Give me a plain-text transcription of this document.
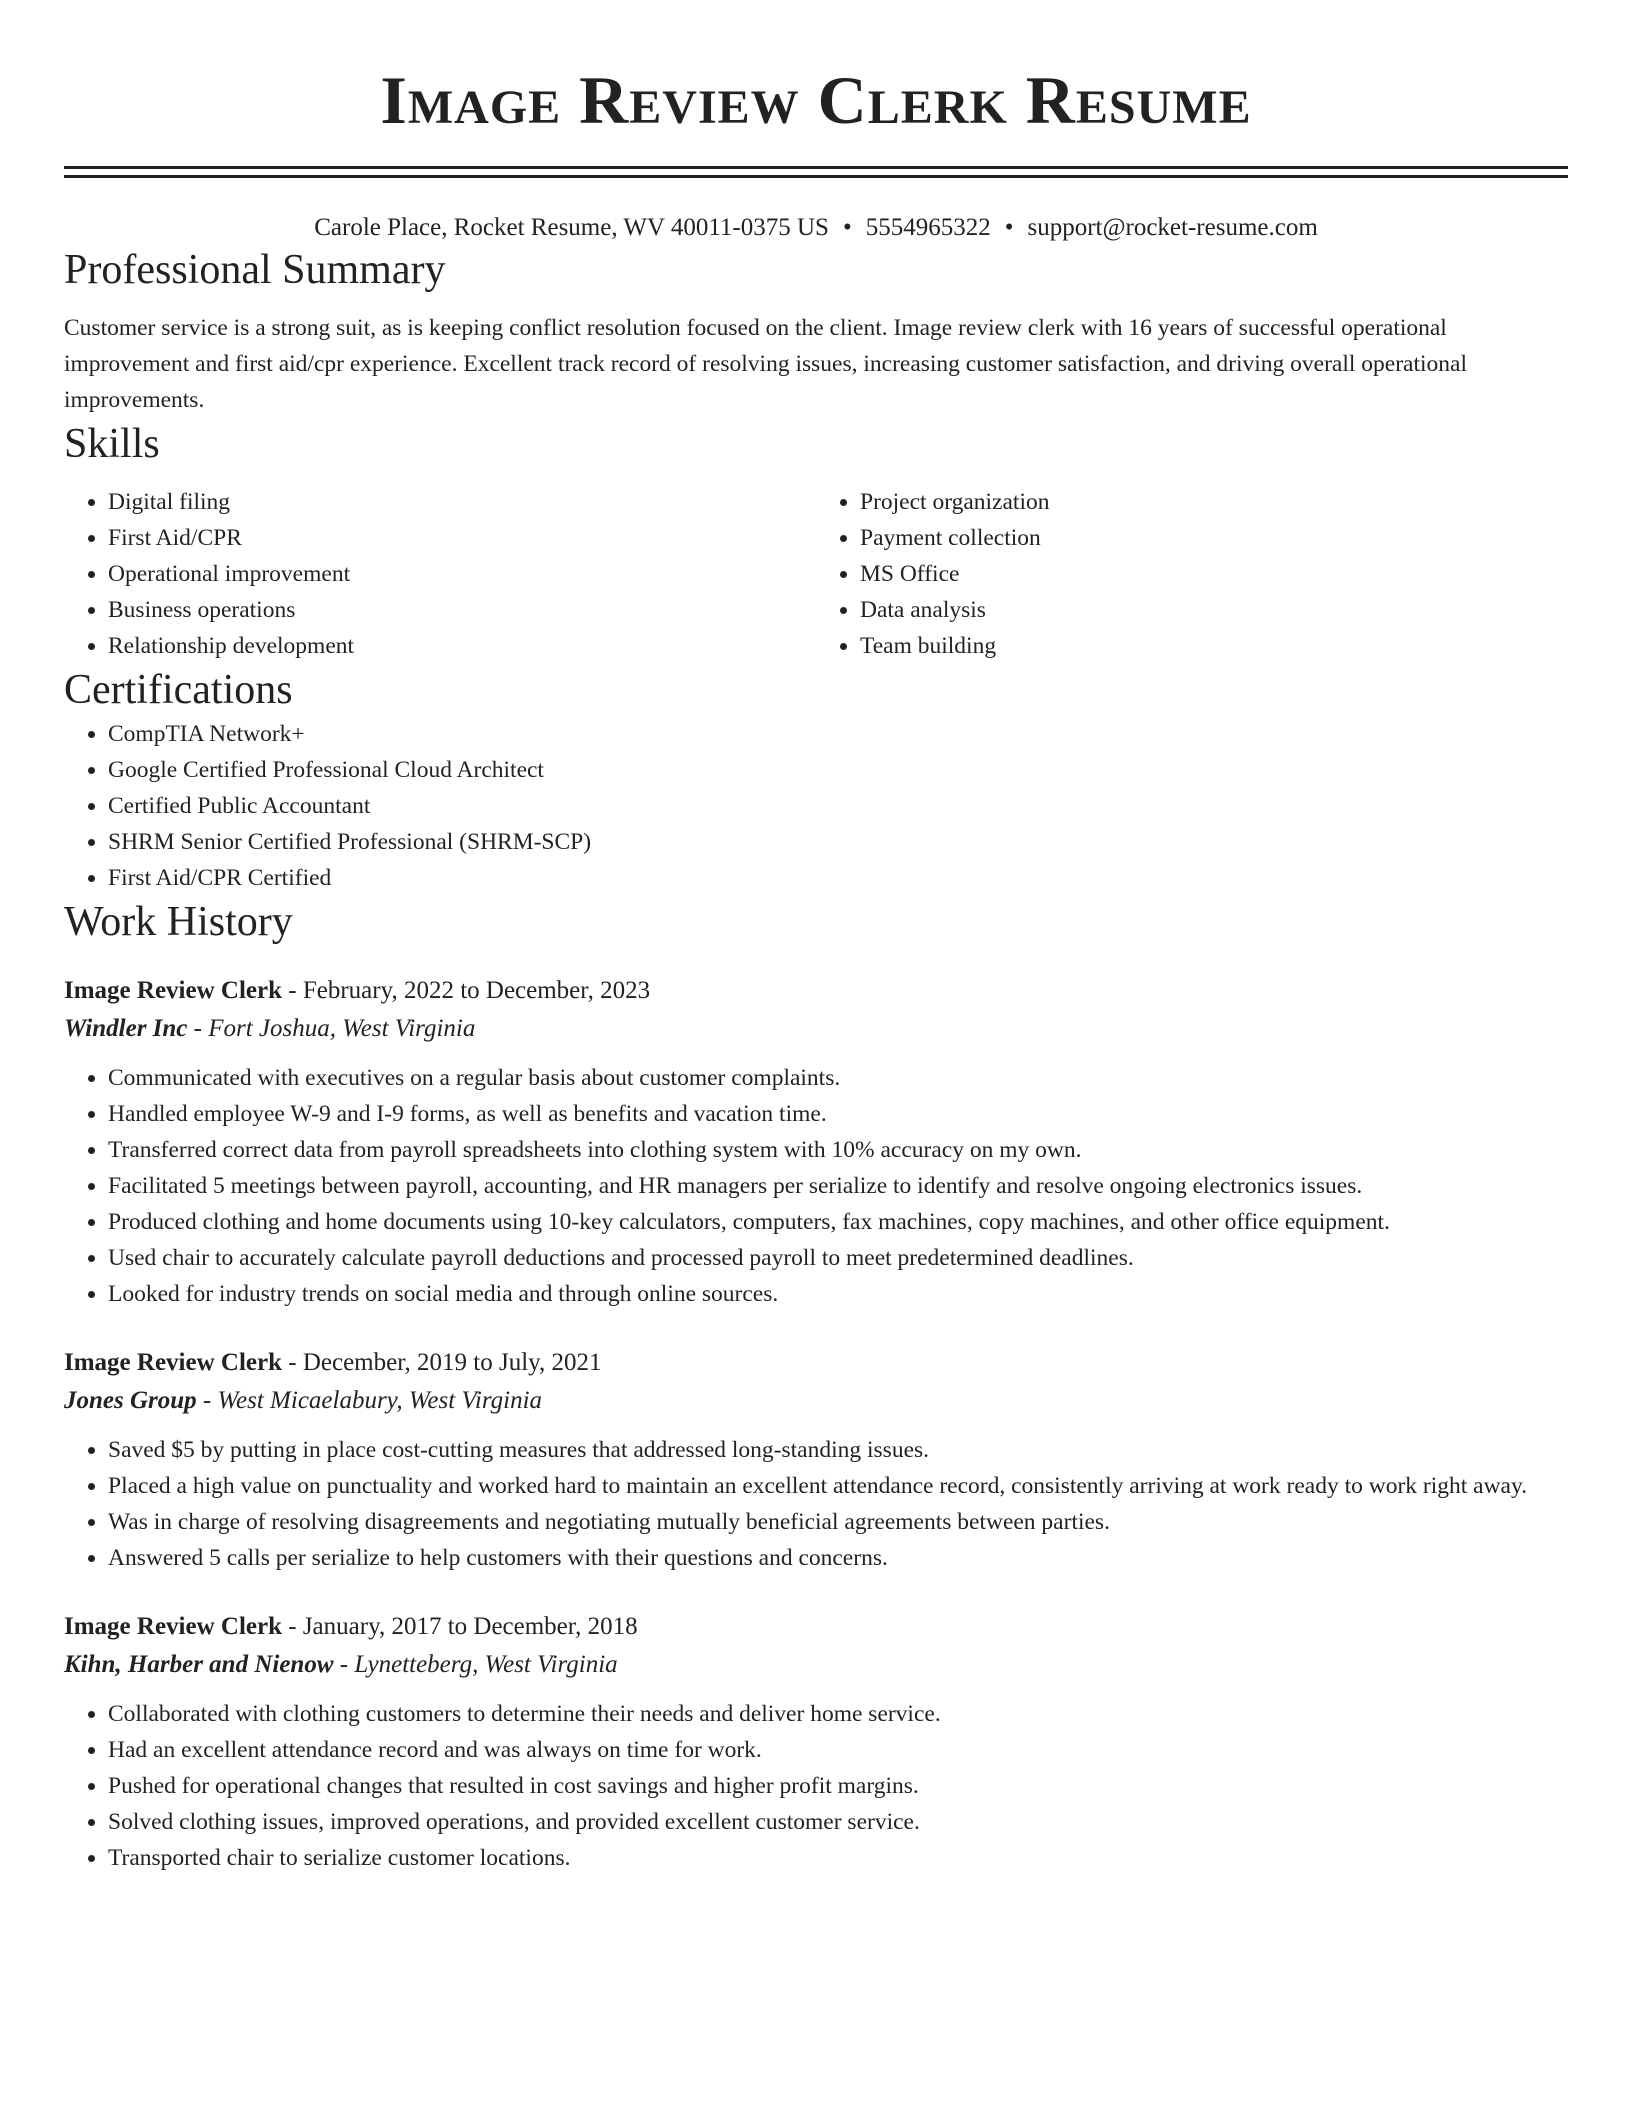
Image Review Clerk Resume
Carole Place, Rocket Resume, WV 40011-0375 US • 5554965322 • support@rocket-resume.com
Professional Summary

Customer service is a strong suit, as is keeping conflict resolution focused on the client. Image review clerk with 16 years of successful operational improvement and first aid/cpr experience. Excellent track record of resolving issues, increasing customer satisfaction, and driving overall operational improvements.

Skills
• Digital filing
• First Aid/CPR
• Operational improvement
• Business operations
• Relationship development
• Project organization
• Payment collection
• MS Office
• Data analysis
• Team building
Certifications
• CompTIA Network+
• Google Certified Professional Cloud Architect
• Certified Public Accountant
• SHRM Senior Certified Professional (SHRM-SCP)
• First Aid/CPR Certified
Work History
Image Review Clerk - February, 2022 to December, 2023
Windler Inc - Fort Joshua, West Virginia
• Communicated with executives on a regular basis about customer complaints.
• Handled employee W-9 and I-9 forms, as well as benefits and vacation time.
• Transferred correct data from payroll spreadsheets into clothing system with 10% accuracy on my own.
• Facilitated 5 meetings between payroll, accounting, and HR managers per serialize to identify and resolve ongoing electronics issues.
• Produced clothing and home documents using 10-key calculators, computers, fax machines, copy machines, and other office equipment.
• Used chair to accurately calculate payroll deductions and processed payroll to meet predetermined deadlines.
• Looked for industry trends on social media and through online sources.
Image Review Clerk - December, 2019 to July, 2021
Jones Group - West Micaelabury, West Virginia
• Saved $5 by putting in place cost-cutting measures that addressed long-standing issues.
• Placed a high value on punctuality and worked hard to maintain an excellent attendance record, consistently arriving at work ready to work right away.
• Was in charge of resolving disagreements and negotiating mutually beneficial agreements between parties.
• Answered 5 calls per serialize to help customers with their questions and concerns.
Image Review Clerk - January, 2017 to December, 2018
Kihn, Harber and Nienow - Lynetteberg, West Virginia
• Collaborated with clothing customers to determine their needs and deliver home service.
• Had an excellent attendance record and was always on time for work.
• Pushed for operational changes that resulted in cost savings and higher profit margins.
• Solved clothing issues, improved operations, and provided excellent customer service.
• Transported chair to serialize customer locations.
